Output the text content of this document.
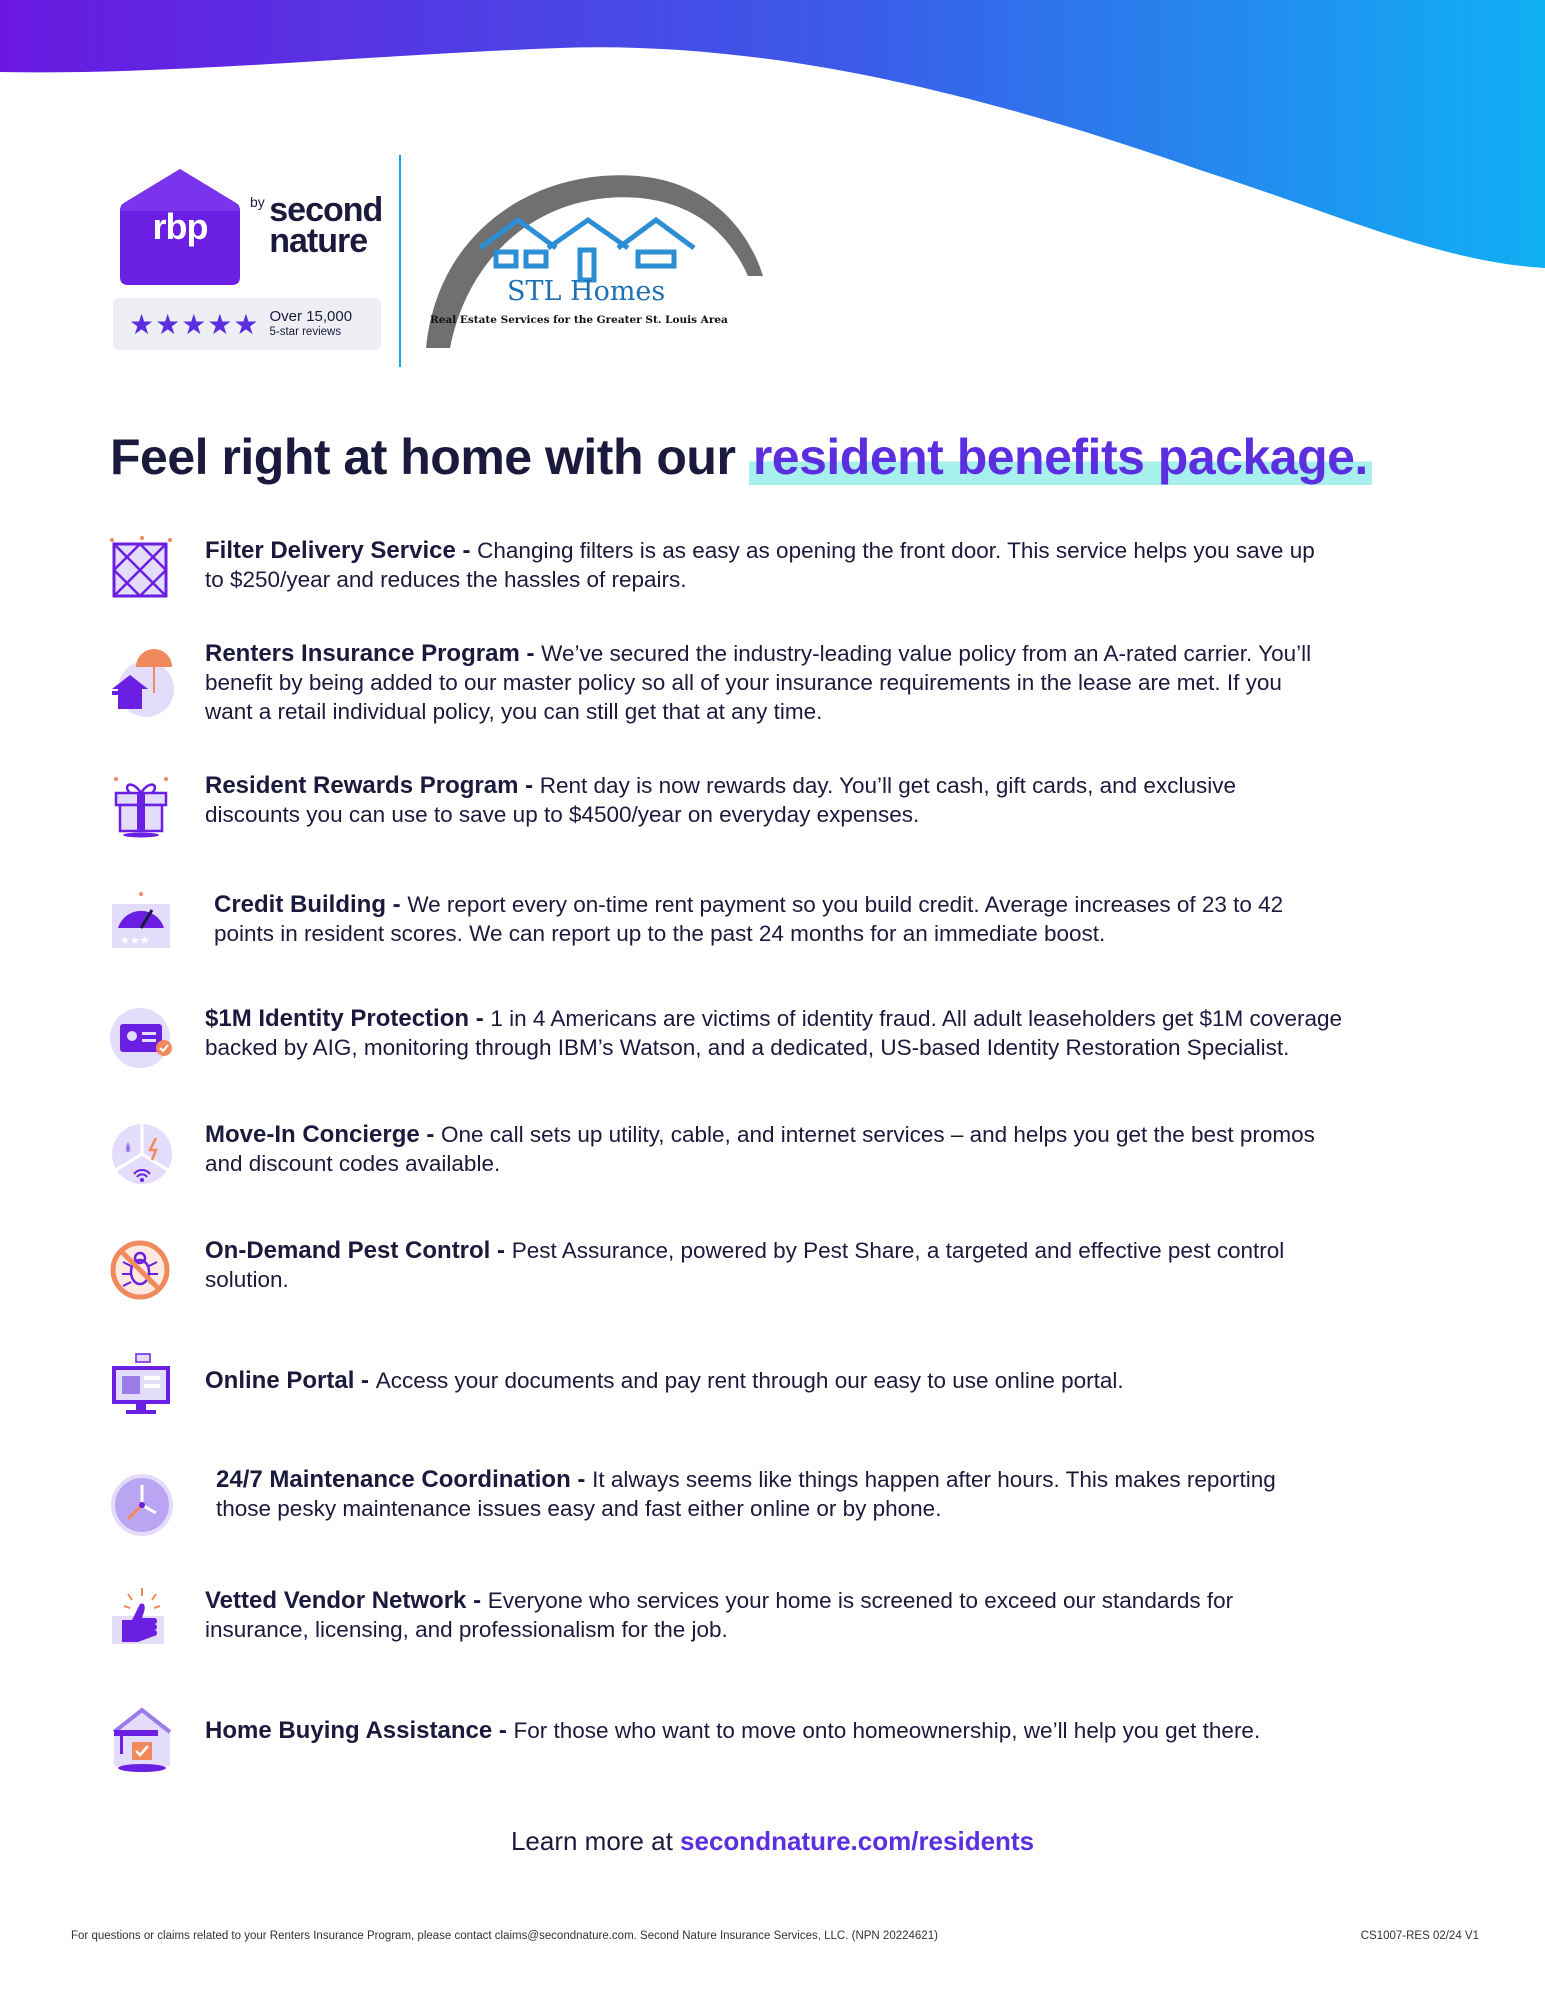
rbp
by second nature
★★★★★ Over 15,000
5-star reviews
STL Homes
Real Estate Services for the Greater St. Louis Area
Feel right at home with our resident benefits package.
Filter Delivery Service - Changing filters is as easy as opening the front door. This service helps you save up
to $250/year and reduces the hassles of repairs.
Renters Insurance Program - We’ve secured the industry-leading value policy from an A-rated carrier. You’ll
benefit by being added to our master policy so all of your insurance requirements in the lease are met. If you
want a retail individual policy, you can still get that at any time.
Resident Rewards Program - Rent day is now rewards day. You’ll get cash, gift cards, and exclusive
discounts you can use to save up to $4500/year on everyday expenses.
★★★
Credit Building - We report every on-time rent payment so you build credit. Average increases of 23 to 42
points in resident scores. We can report up to the past 24 months for an immediate boost.
$1M Identity Protection - 1 in 4 Americans are victims of identity fraud. All adult leaseholders get $1M coverage
backed by AIG, monitoring through IBM’s Watson, and a dedicated, US-based Identity Restoration Specialist.
Move-In Concierge - One call sets up utility, cable, and internet services – and helps you get the best promos
and discount codes available.
On-Demand Pest Control - Pest Assurance, powered by Pest Share, a targeted and effective pest control
solution.
Online Portal - Access your documents and pay rent through our easy to use online portal.
24/7 Maintenance Coordination - It always seems like things happen after hours. This makes reporting
those pesky maintenance issues easy and fast either online or by phone.
Vetted Vendor Network - Everyone who services your home is screened to exceed our standards for
insurance, licensing, and professionalism for the job.
Home Buying Assistance - For those who want to move onto homeownership, we’ll help you get there.
Learn more at secondnature.com/residents
For questions or claims related to your Renters Insurance Program, please contact claims@secondnature.com. Second Nature Insurance Services, LLC. (NPN 20224621)	CS1007-RES 02/24 V1
